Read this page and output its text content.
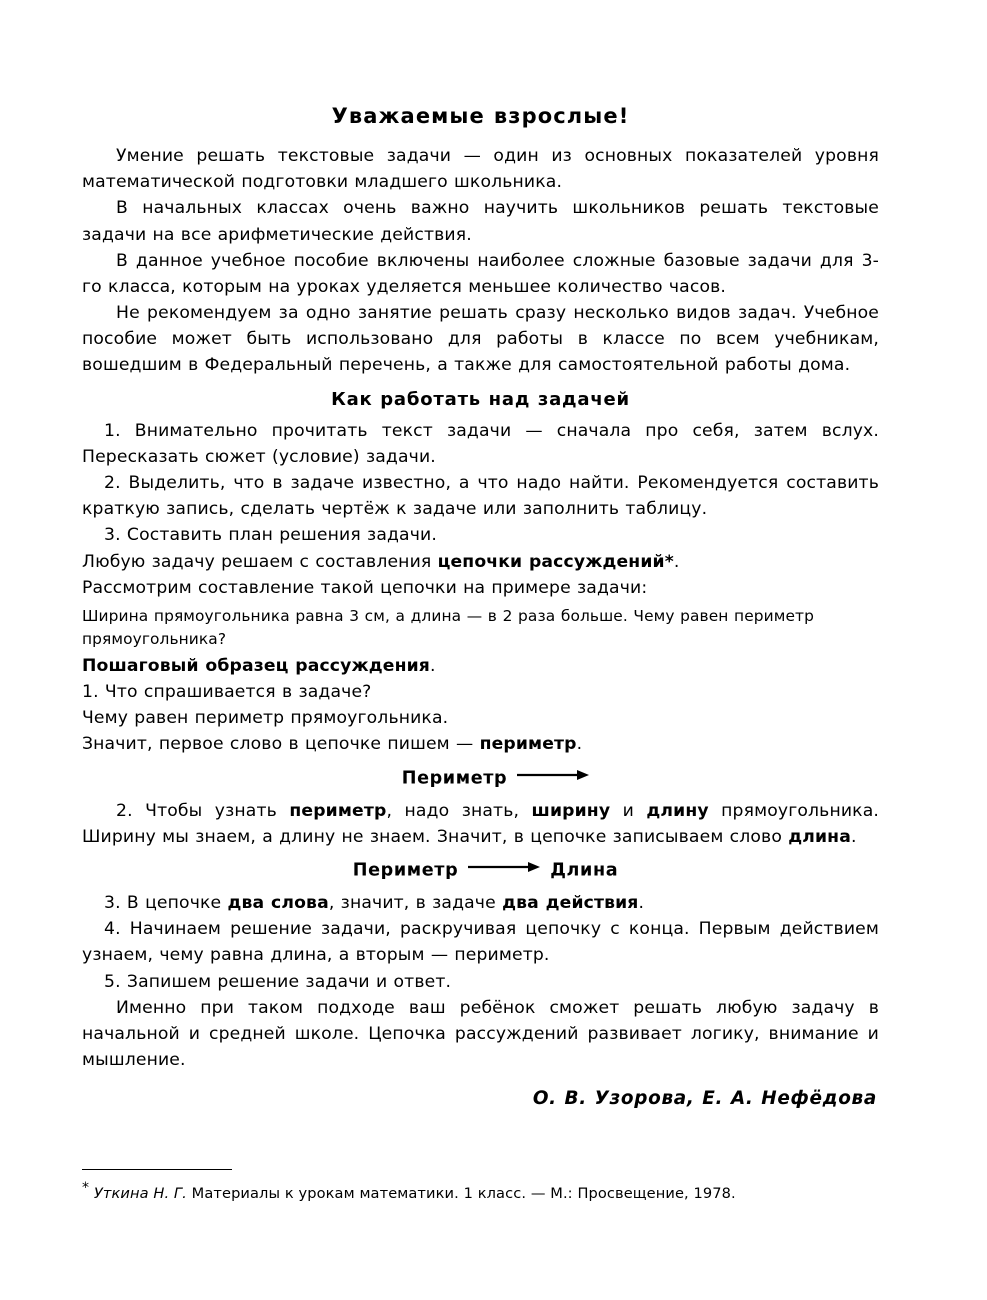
Уважаемые взрослые!

Умение решать текстовые задачи — один из основных показателей уровня математической подготовки младшего школьника.

В начальных классах очень важно научить школьников решать текстовые задачи на все арифметические действия.

В данное учебное пособие включены наиболее сложные базовые задачи для 3-го класса, которым на уроках уделяется меньшее количество часов.

Не рекомендуем за одно занятие решать сразу несколько видов задач. Учебное пособие может быть использовано для работы в классе по всем учебникам, вошедшим в Федеральный перечень, а также для самостоятельной работы дома.

Как работать над задачей

1. Внимательно прочитать текст задачи — сначала про себя, затем вслух. Пересказать сюжет (условие) задачи.

2. Выделить, что в задаче известно, а что надо найти. Рекомендуется составить краткую запись, сделать чертёж к задаче или заполнить таблицу.

3. Составить план решения задачи.

Любую задачу решаем с составления цепочки рассуждений*.

Рассмотрим составление такой цепочки на примере задачи:

Ширина прямоугольника равна 3 см, а длина — в 2 раза больше. Чему равен периметр прямоугольника?

Пошаговый образец рассуждения.

1. Что спрашивается в задаче?

Чему равен периметр прямоугольника.

Значит, первое слово в цепочке пишем — периметр.

Периметр

2. Чтобы узнать периметр, надо знать, ширину и длину прямоугольника. Ширину мы знаем, а длину не знаем. Значит, в цепочке записываем слово длина.

Периметр	Длина

3. В цепочке два слова, значит, в задаче два действия.

4. Начинаем решение задачи, раскручивая цепочку с конца. Первым действием узнаем, чему равна длина, а вторым — периметр.

5. Запишем решение задачи и ответ.

Именно при таком подходе ваш ребёнок сможет решать любую задачу в начальной и средней школе. Цепочка рассуждений развивает логику, внимание и мышление.

О. В. Узорова, Е. А. Нефёдова

* Уткина Н. Г. Материалы к урокам математики. 1 класс. — М.: Просвещение, 1978.
